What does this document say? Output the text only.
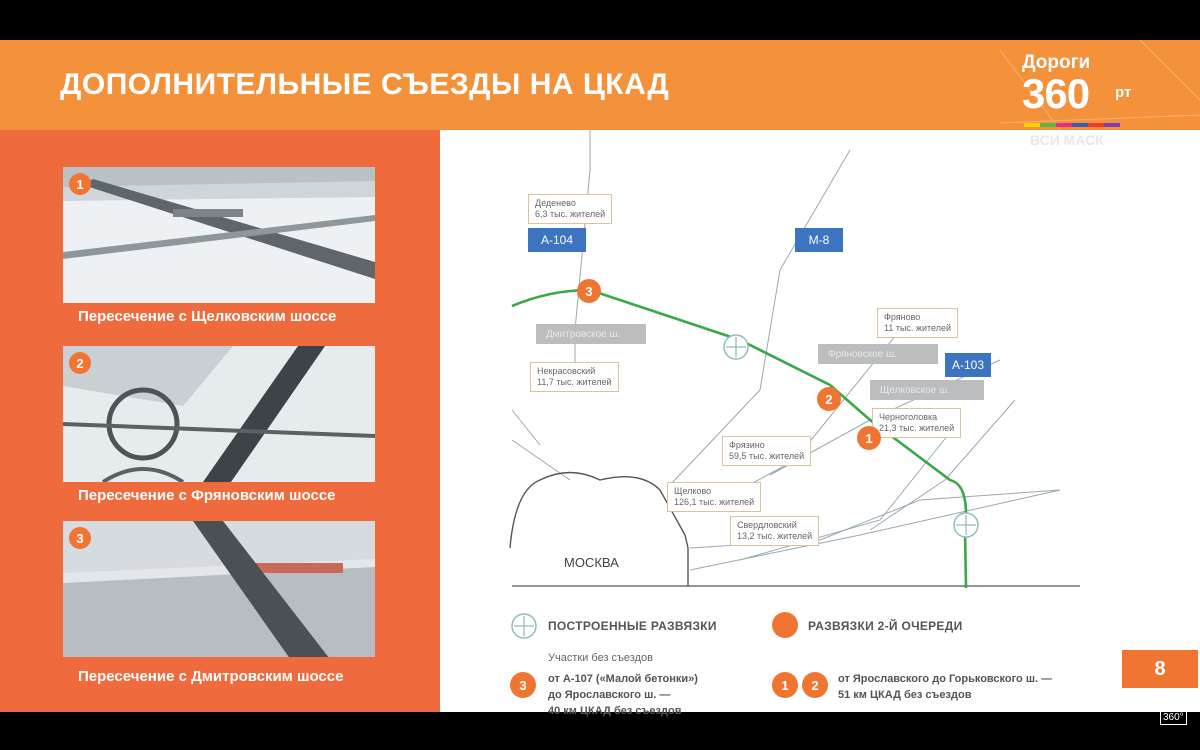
ДОПОЛНИТЕЛЬНЫЕ СЪЕЗДЫ НА ЦКАД
Дороги
360 рт
ВСИ МАСК
1
Пересечение с Щелковским шоссе
2
Пересечение с Фряновским шоссе
3
Пересечение с Дмитровским шоссе
А-104	М-8
А-103
Деденево
6,3 тыс. жителей
Некрасовский
11,7 тыс. жителей
Фряново
11 тыс. жителей
Черноголовка
21,3 тыс. жителей
Фрязино
59,5 тыс. жителей
Щелково
126,1 тыс. жителей
Свердловский
13,2 тыс. жителей
Дмитровское ш.
Фряновское ш.
Щелковское ш.
МОСКВА
3
2
1
ПОСТРОЕННЫЕ РАЗВЯЗКИ	РАЗВЯЗКИ 2-Й ОЧЕРЕДИ
Участки без съездов
3	от А-107 («Малой бетонки»)
до Ярославского ш. —
40 км ЦКАД без съездов
1	2	от Ярославского до Горьковского ш. —
51 км ЦКАД без съездов
8
360°
